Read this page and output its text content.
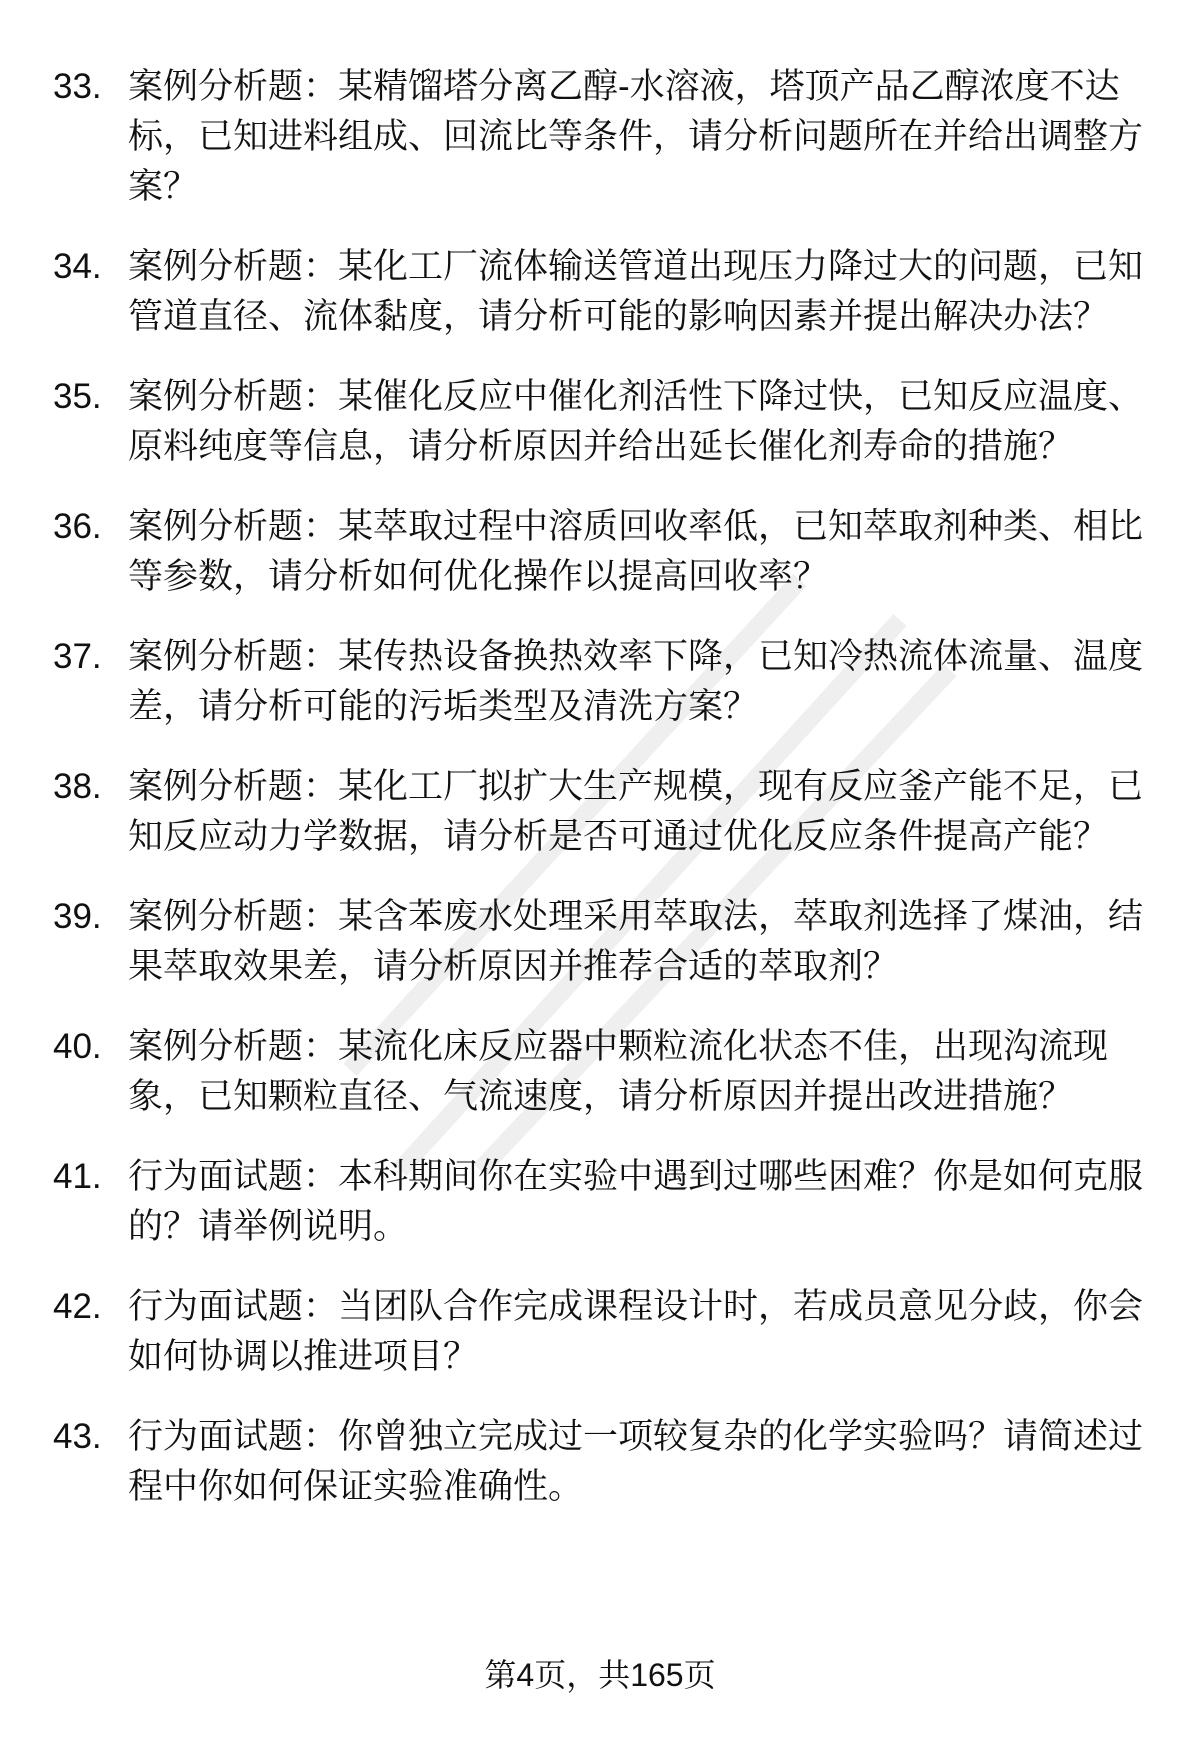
33. 案例分析题：某精馏塔分离乙醇-水溶液，塔顶产品乙醇浓度不达标，已知进料组成、回流比等条件，请分析问题所在并给出调整方案？
34. 案例分析题：某化工厂流体输送管道出现压力降过大的问题，已知管道直径、流体黏度，请分析可能的影响因素并提出解决办法？
35. 案例分析题：某催化反应中催化剂活性下降过快，已知反应温度、原料纯度等信息，请分析原因并给出延长催化剂寿命的措施？
36. 案例分析题：某萃取过程中溶质回收率低，已知萃取剂种类、相比等参数，请分析如何优化操作以提高回收率？
37. 案例分析题：某传热设备换热效率下降，已知冷热流体流量、温度差，请分析可能的污垢类型及清洗方案？
38. 案例分析题：某化工厂拟扩大生产规模，现有反应釜产能不足，已知反应动力学数据，请分析是否可通过优化反应条件提高产能？
39. 案例分析题：某含苯废水处理采用萃取法，萃取剂选择了煤油，结果萃取效果差，请分析原因并推荐合适的萃取剂？
40. 案例分析题：某流化床反应器中颗粒流化状态不佳，出现沟流现象，已知颗粒直径、气流速度，请分析原因并提出改进措施？
41. 行为面试题：本科期间你在实验中遇到过哪些困难？你是如何克服的？请举例说明。
42. 行为面试题：当团队合作完成课程设计时，若成员意见分歧，你会如何协调以推进项目？
43. 行为面试题：你曾独立完成过一项较复杂的化学实验吗？请简述过程中你如何保证实验准确性。
第4页，共165页
